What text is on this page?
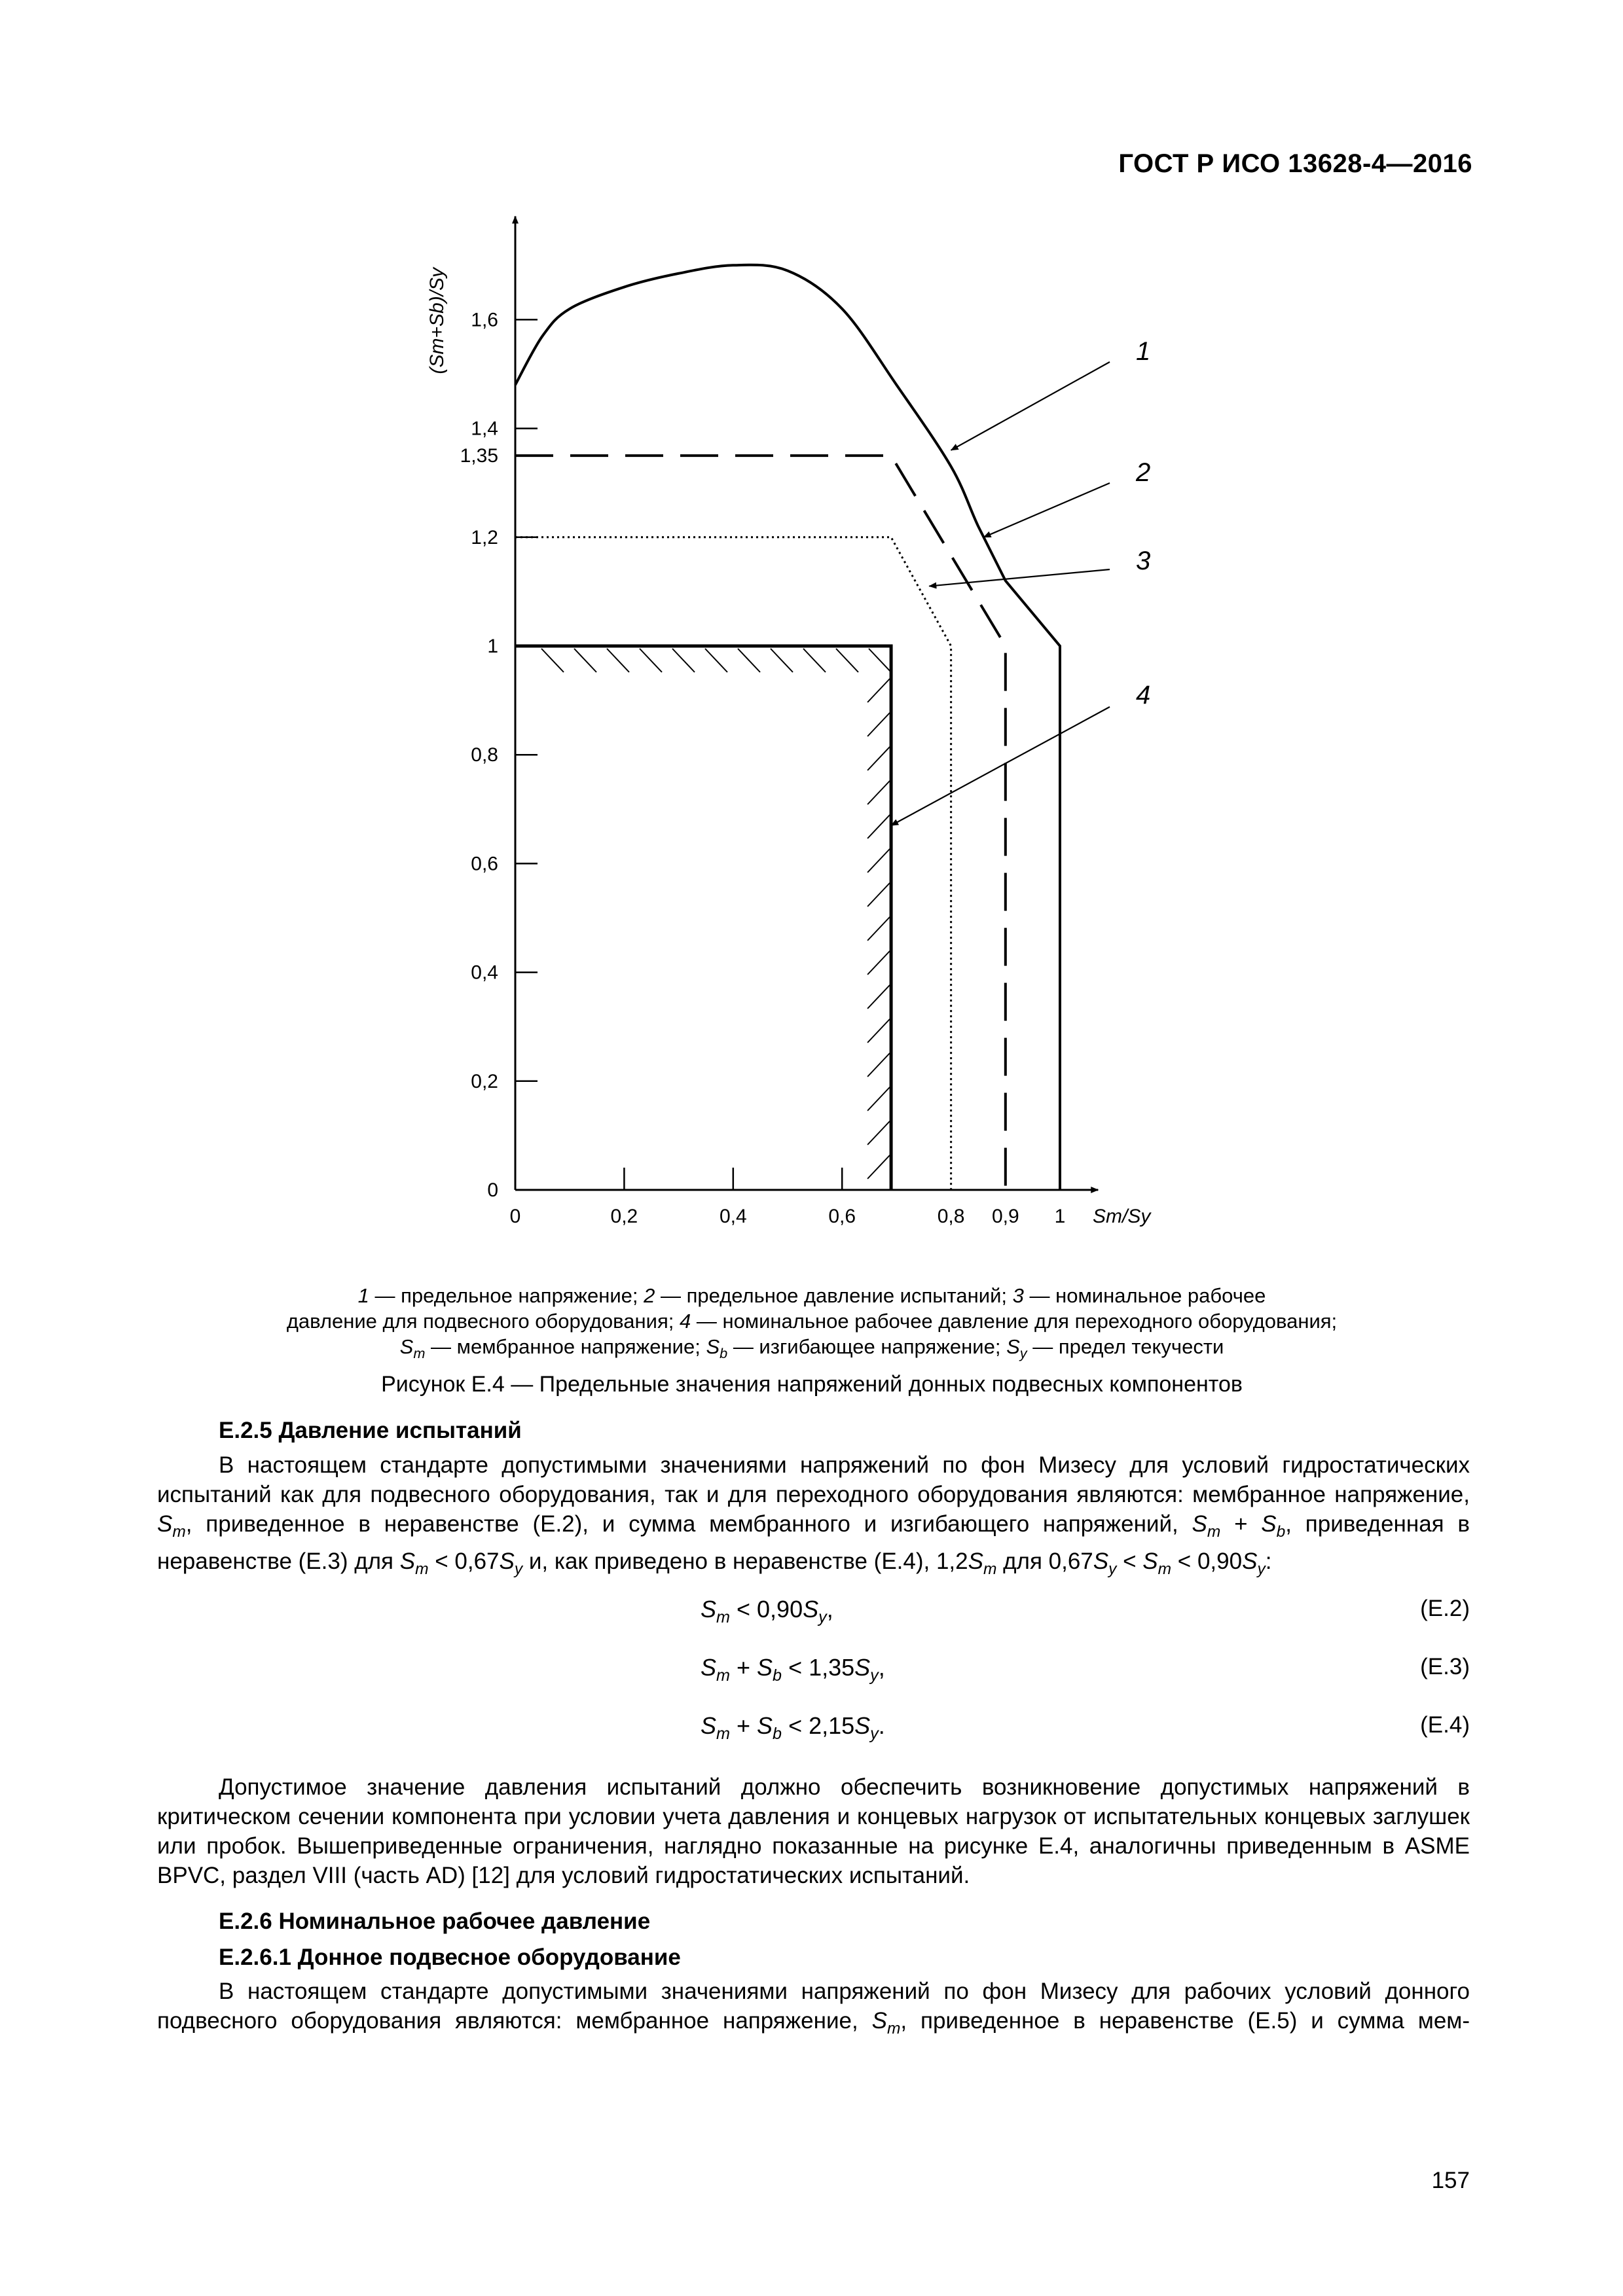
ГОСТ Р ИСО 13628-4—2016
0	0,2	0,4	0,6	0,8 0,9 1 Sm/Sy
0
0,2
0,4
0,6
0,8
1
1,2
1,35
1,4
1,6
(Sm+Sb)/Sy	1
2
3
4
1 — предельное напряжение; 2 — предельное давление испытаний; 3 — номинальное рабочее
давление для подвесного оборудования; 4 — номинальное рабочее давление для переходного оборудования;
$S_m$ — мембранное напряжение; $S_b$ — изгибающее напряжение; $S_y$ — предел текучести
Рисунок E.4 — Предельные значения напряжений донных подвесных компонентов
Е.2.5 Давление испытаний

В настоящем стандарте допустимыми значениями напряжений по фон Мизесу для условий гидростатических испытаний как для подвесного оборудования, так и для переходного оборудования являются: мембранное напряжение, $S_m$, приведенное в неравенстве (Е.2), и сумма мембранного и изгибающего напряжений, $S_m + S_b$, приведенная в неравенстве (Е.3) для $S_m < 0,67S_y$ и, как приведено в неравенстве (Е.4), $1,2S_m$ для $0,67S_y < S_m < 0,90S_y$:

$S_m < 0,90S_y$,	(E.2)
$S_m + S_b < 1,35S_y$,	(E.3)
$S_m + S_b < 2,15S_y$.	(E.4)

Допустимое значение давления испытаний должно обеспечить возникновение допустимых напряжений в критическом сечении компонента при условии учета давления и концевых нагрузок от испытательных концевых заглушек или пробок. Вышеприведенные ограничения, наглядно показанные на рисунке Е.4, аналогичны приведенным в ASME BPVC, раздел VIII (часть AD) [12] для условий гидростатических испытаний.

Е.2.6 Номинальное рабочее давление
Е.2.6.1 Донное подвесное оборудование

В настоящем стандарте допустимыми значениями напряжений по фон Мизесу для рабочих условий донного подвесного оборудования являются: мембранное напряжение, $S_m$, приведенное в неравенстве (Е.5) и сумма мем-

157
